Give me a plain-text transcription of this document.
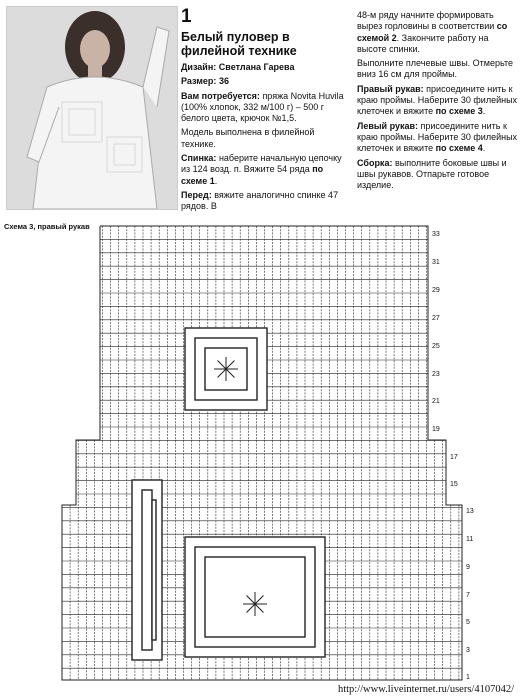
1
Белый пуловер в филейной технике

Дизайн: Светлана Гарева

Размер: 36

Вам потребуется: пряжа Novita Huvila (100% хлопок, 332 м/100 г) – 500 г белого цвета, крючок №1,5.

Модель выполнена в филейной технике.

Спинка: наберите начальную цепочку из 124 возд. п. Вяжите 54 ряда по схеме 1.

Перед: вяжите аналогично спинке 47 рядов. В

48-м ряду начните формировать вырез горловины в соответствии со схемой 2. Закончите работу на высоте спинки.

Выполните плечевые швы. Отмерьте вниз 16 см для проймы.

Правый рукав: присоедините нить к краю проймы. Наберите 30 филейных клеточек и вяжите по схеме 3.

Левый рукав: присоедините нить к краю проймы. Наберите 30 филейных клеточек и вяжите по схеме 4.

Сборка: выполните боковые швы и швы рукавов. Отпарьте готовое изделие.

Схема 3, правый рукав
33
31
29
27
25
23
21
19
17
15
13
11
9
7
5
3
1
http://www.liveinternet.ru/users/4107042/
